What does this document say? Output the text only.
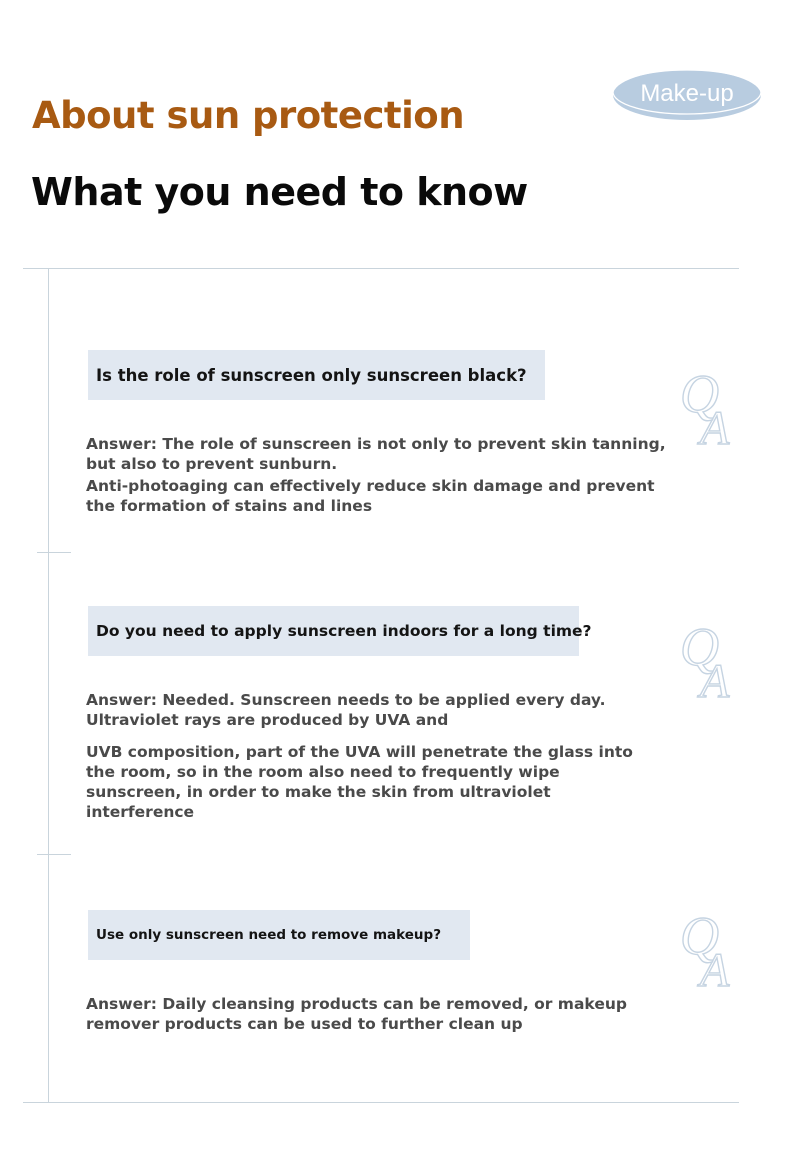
About sun protection
What you need to know
Make-up
Is the role of sunscreen only sunscreen black?	Q
A

Answer: The role of sunscreen is not only to prevent skin tanning, but also to prevent sunburn.

Anti-photoaging can effectively reduce skin damage and prevent the formation of stains and lines

Do you need to apply sunscreen indoors for a long time? Q
A

Answer: Needed. Sunscreen needs to be applied every day. Ultraviolet rays are produced by UVA and

UVB composition, part of the UVA will penetrate the glass into the room, so in the room also need to frequently wipe sunscreen, in order to make the skin from ultraviolet interference

Use only sunscreen need to remove makeup?	Q
A

Answer: Daily cleansing products can be removed, or makeup remover products can be used to further clean up
